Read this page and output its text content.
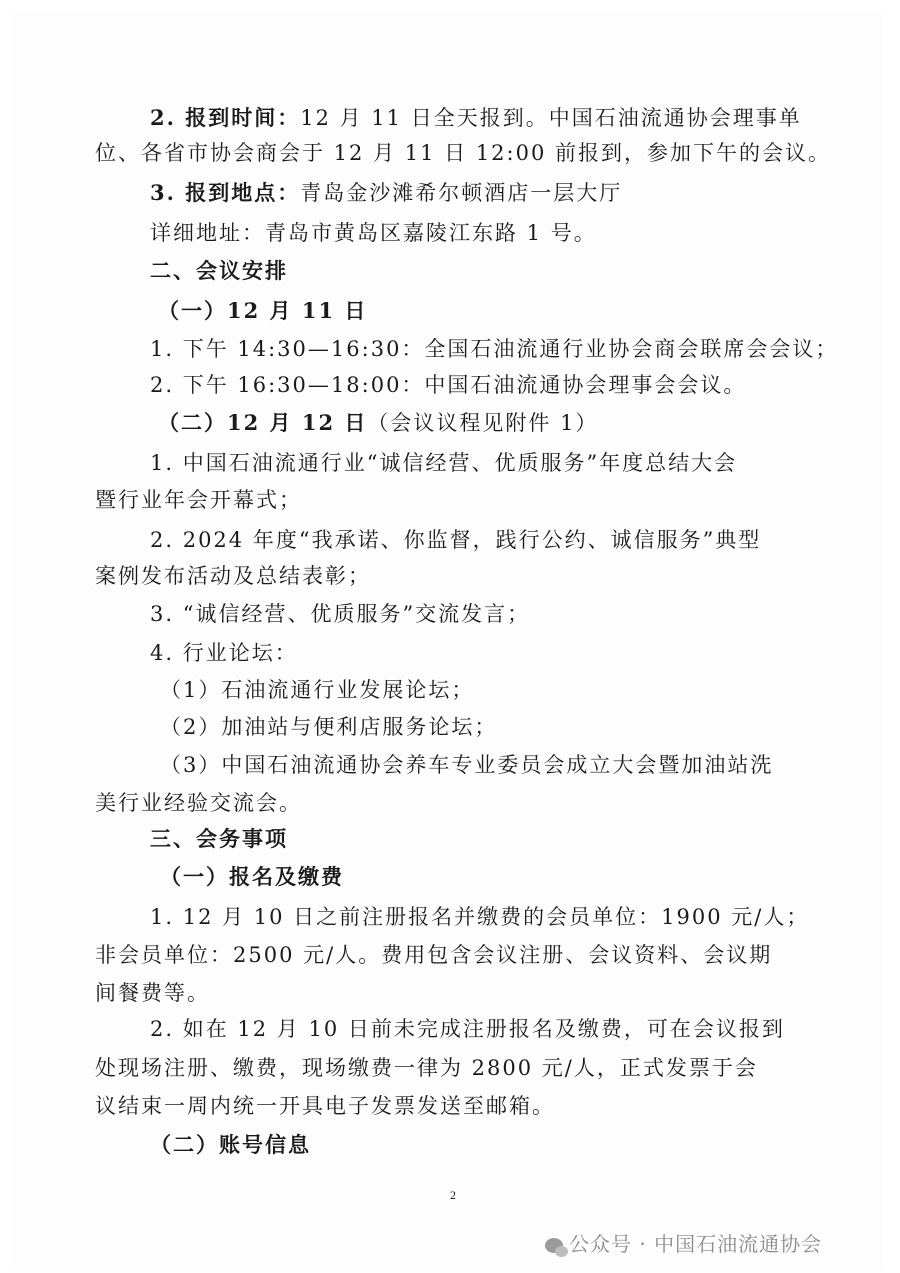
2. 报到时间：12 月 11 日全天报到。中国石油流通协会理事单
位、各省市协会商会于 12 月 11 日 12:00 前报到，参加下午的会议。
3. 报到地点：青岛金沙滩希尔顿酒店一层大厅
详细地址：青岛市黄岛区嘉陵江东路 1 号。
二、会议安排
（一）12 月 11 日
1. 下午 14:30—16:30：全国石油流通行业协会商会联席会会议；
2. 下午 16:30—18:00：中国石油流通协会理事会会议。
（二）12 月 12 日（会议议程见附件 1）
1. 中国石油流通行业“诚信经营、优质服务”年度总结大会
暨行业年会开幕式；
2. 2024 年度“我承诺、你监督，践行公约、诚信服务”典型
案例发布活动及总结表彰；
3. “诚信经营、优质服务”交流发言；
4. 行业论坛：
（1）石油流通行业发展论坛；
（2）加油站与便利店服务论坛；
（3）中国石油流通协会养车专业委员会成立大会暨加油站洗
美行业经验交流会。
三、会务事项
（一）报名及缴费
1. 12 月 10 日之前注册报名并缴费的会员单位：1900 元/人；
非会员单位：2500 元/人。费用包含会议注册、会议资料、会议期
间餐费等。
2. 如在 12 月 10 日前未完成注册报名及缴费，可在会议报到
处现场注册、缴费，现场缴费一律为 2800 元/人，正式发票于会
议结束一周内统一开具电子发票发送至邮箱。
（二）账号信息
2
公众号 · 中国石油流通协会
